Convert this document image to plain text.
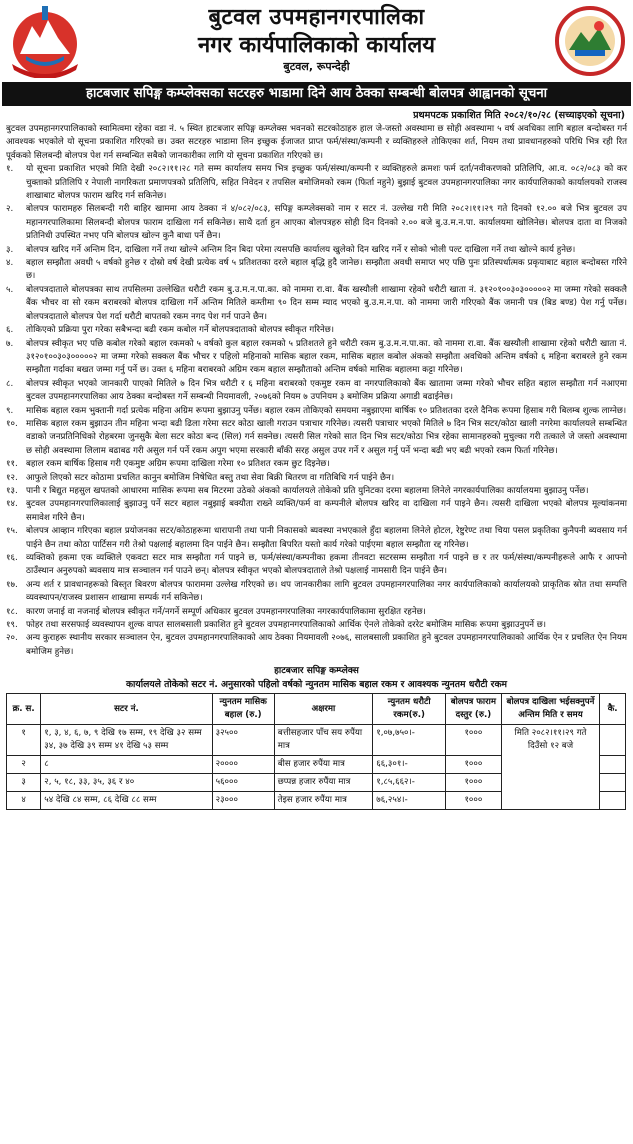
बुटवल उपमहानगरपालिका
नगर कार्यपालिकाको कार्यालय
बुटवल, रूपन्देही
हाटबजार सपिङ्ग कम्प्लेक्सका सटरहरु भाडामा दिने आय ठेक्का सम्बन्धी बोलपत्र आह्वानको सूचना
प्रथमपटक प्रकाशित मिति २०८२/१०/२८ (सच्याइएको सूचना)

बुटवल उपमहानगरपालिकाको स्वामित्वमा रहेका वडा नं. ५ स्थित हाटबजार सपिङ्ग कम्प्लेक्स भवनको सटरकोठाहरु हाल जे-जस्तो अवस्थामा छ सोही अवस्थामा ५ वर्ष अवधिका लागि बहाल बन्दोबस्त गर्न आवश्यक भएकोले यो सूचना प्रकाशित गरिएको छ। उक्त सटरहरु भाडामा लिन इच्छुक ईजाजत प्राप्त फर्म/संस्था/कम्पनी र व्यक्तिहरुले तोकिएका शर्त, नियम तथा प्रावधानहरुको परिधि भित्र रही रित पूर्वकको सिलबन्दी बोलपत्र पेश गर्न सम्बन्धित सबैको जानकारीका लागि यो सूचना प्रकाशित गरिएको छ।

१.	यो सूचना प्रकाशित भएको मिति देखी २०८२।११।२८ गते सम्म कार्यालय समय भित्र इच्छुक फर्म/संस्था/कम्पनी र व्यक्तिहरुले क्रमशः फर्म दर्ता/नवीकरणको प्रतिलिपि, आ.व. ०८२/०८३ को कर चुक्ताको प्रतिलिपि र नेपाली नागरिकता प्रमाणपत्रको प्रतिलिपि, सहित निवेदन र तपसिल बमोजिमको रकम (फिर्ता नहुने) बुझाई बुटवल उपमहानगरपालिका नगर कार्यपालिकाको कार्यालयको राजस्व शाखाबाट बोलपत्र फाराम खरिद गर्न सकिनेछ।
२.	बोलपत्र फारामहरु सिलबन्दी गरी बाहिर खाममा आय ठेक्का नं ४/०८२/०८३, सपिङ्ग कम्प्लेक्सको नाम र सटर नं. उल्लेख गरी मिति २०८२।११।२९ गते दिनको १२.०० बजे भित्र बुटवल उप महानगरपालिकामा सिलबन्दी बोलपत्र फाराम दाखिला गर्न सकिनेछ। साथै दर्ता हुन आएका बोलपत्रहरु सोही दिन दिनको २.०० बजे बु.उ.म.न.पा. कार्यालयमा खोलिनेछ। बोलपत्र दाता वा निजको प्रतिनिधी उपस्थित नभए पनि बोलपत्र खोल्न कुनै बाधा पर्ने छैन।
३.	बोलपत्र खरिद गर्ने अन्तिम दिन, दाखिला गर्ने तथा खोल्ने अन्तिम दिन बिदा परेमा त्यसपछि कार्यालय खुलेको दिन खरिद गर्ने र सोको भोली पल्ट दाखिला गर्ने तथा खोल्ने कार्य हुनेछ।
४.	बहाल सम्झौता अवधी ५ वर्षको हुनेछ र दोस्रो वर्ष देखी प्रत्येक वर्ष ५ प्रतिशतका दरले बहाल बृद्धि हुदै जानेछ। सम्झौता अवधी समाप्त भए पछि पुनः प्रतिस्पर्धात्मक प्रकृयाबाट बहाल बन्दोबस्त गरिने छ।
५.	बोलपत्रदाताले बोलपत्रका साथ तपसिलमा उल्लेखित धरौटी रकम बु.उ.म.न.पा.का. को नाममा रा.वा. बैंक खस्यौली शाखामा रहेको धरौटी खाता नं. ३१२०१००३०३०००००२ मा जम्मा गरेको सक्कलै बैंक भौचर वा सो रकम बराबरको बोलपत्र दाखिला गर्ने अन्तिम मितिले कम्तीमा ९० दिन सम्म म्याद भएको बु.उ.म.न.पा. को नाममा जारी गरिएको बैंक जमानी पत्र (बिड बण्ड) पेश गर्नु पर्नेछ। बोलपत्रदाताले बोलपत्र पेश गर्दा धरौटी बापतको रकम नगद पेश गर्न पाउने छैन।
६.	तोकिएको प्रक्रिया पुरा गरेका सबैभन्दा बढी रकम कबोल गर्ने बोलपत्रदाताको बोलपत्र स्वीकृत गरिनेछ।
७.	बोलपत्र स्वीकृत भए पछि कबोल गरेको बहाल रकमको ५ वर्षको कुल बहाल रकमको ५ प्रतिशतले हुने धरौटी रकम बु.उ.म.न.पा.का. को नाममा रा.वा. बैंक खस्यौली शाखामा रहेको धरौटी खाता नं. ३१२०१००३०३०००००२ मा जम्मा गरेको सक्कल बैंक भौचर र पहिलो महिनाको मासिक बहाल रकम, मासिक बहाल कबोल अंकको सम्झौता अवधिको अन्तिम वर्षको ६ महिना बराबरले हुने रकम सम्झौता गर्दाका बखत जम्मा गर्नु पर्ने छ। उक्त ६ महिना बराबरको अग्रिम रकम बहाल सम्झौताको अन्तिम वर्षको मासिक बहालमा कट्टा गरिनेछ।
८.	बोलपत्र स्वीकृत भएको जानकारी पाएको मितिले ७ दिन भित्र धरौटी र ६ महिना बराबरको एकमुष्ट रकम वा नगरपालिकाको बैंक खातामा जम्मा गरेको भौचर सहित बहाल सम्झौता गर्न नआएमा बुटवल उपमहानगरपालिका आय ठेक्का बन्दोबस्त गर्ने सम्बन्धी नियमावली, २०७६को नियम ७ उपनियम ३ बमोजिम प्रक्रिया अगाडी बढाईनेछ।
९.	मासिक बहाल रकम भुक्तानी गर्दा प्रत्येक महिना अग्रिम रूपमा बुझाउनु पर्नेछ। बहाल रकम तोकिएको समयमा नबुझाएमा बार्षिक १० प्रतिशतका दरले दैनिक रूपमा हिसाब गरी बिलम्ब शुल्क लाग्नेछ।
१०. मासिक बहाल रकम बुझाउन तीन महिना भन्दा बढी ढिला गरेमा सटर कोठा खाली गराउन पत्राचार गरिनेछ। त्यसरी पत्राचार भएको मितिले ७ दिन भित्र सटर/कोठा खाली नगरेमा कार्यालयले सम्बन्धित वडाको जनप्रतिनिधिको रोहबरमा जुनसुकै बेला सटर कोठा बन्द (सिल) गर्न सक्नेछ। त्यसरी सिल गरेको सात दिन भित्र सटर/कोठा भित्र रहेका सामानहरुको मुचुल्का गरी तत्काले जे जस्तो अवस्थामा छ सोही अवस्थामा लिलाम बढाबढ गरी असुल गर्न पर्ने रकम अपुग भएमा सरकारी बाँकी सरह असुल उपर गर्ने र असुल गर्नु पर्ने भन्दा बढी भए बढी भएको रकम फिर्ता गरिनेछ।
११. बहाल रकम बार्षिक हिसाब गरी एकमुष्ट अग्रिम रूपमा दाखिला गरेमा १० प्रतिशत रकम छुट दिइनेछ।
१२. आफुले लिएको सटर कोठामा प्रचलित कानुन बमोजिम निषेधित बस्तु तथा सेवा बिक्री बितरण वा गतिबिधि गर्न पाईने छैन।
१३. पानी र बिद्युत महसुल खपतको आधारमा मासिक रूपमा सब मिटरमा उठेको अंकको कार्यालयले तोकेको प्रति युनिटका दरमा बहालमा लिनेले नगरकार्यपालिका कार्यालयमा बुझाउनु पर्नेछ।
१४. बुटवल उपमहानगरपालिकालाई बुझाउनु पर्ने सटर बहाल नबुझाई बक्यौता राख्ने व्यक्ति/फर्म वा कम्पनीले बोलपत्र खरिद वा दाखिला गर्न पाइने छैन। त्यसरी दाखिला भएको बोलपत्र मूल्यांकनमा समावेश गरिने छैन।
१५. बोलपत्र आव्हान गरिएका बहाल प्रयोजनका सटर/कोठाहरूमा धारापानी तथा पानी निकासको ब्यवस्था नभएकाले हुँदा बहालमा लिनेले होटल, रेष्टुरेण्ट तथा चिया पसल प्रकृतिका कुनैपनी ब्यवसाय गर्न पाईने छैन तथा कोठा पार्टिसन गरी तेश्रो पक्षलाई बहालमा दिन पाईने छैन। सम्झौता बिपरित यस्तो कार्य गरेको पाईएमा बहाल सम्झौता रद्द गरिनेछ।
१६. व्यक्तिको हकमा एक व्यक्तिले एकवटा सटर मात्र सम्झौता गर्न पाइने छ, फर्म/संस्था/कम्पनीका हकमा तीनवटा सटरसम्म सम्झौता गर्न पाइने छ र तर फर्म/संस्था/कम्पनीहरूले आफै र आफ्नो ठाउँस्थान अनुरुपको ब्यवसाय मात्र सञ्चालन गर्न पाउने छन्। बोलपत्र स्वीकृत भएको बोलपत्रदाताले तेश्रो पक्षलाई नामसारी दिन पाईने छैन।
१७. अन्य शर्त र प्रावधानहरूको बिस्तृत बिवरण बोलपत्र फाराममा उल्लेख गरिएको छ। थप जानकारीका लागि बुटवल उपमहानगरपालिका नगर कार्यपालिकाको कार्यालयको प्राकृतिक स्रोत तथा सम्पत्ति व्यवस्थापन/राजस्व प्रशासन शाखामा सम्पर्क गर्न सकिनेछ।
१८. कारण जनाई वा नजनाई बोलपत्र स्वीकृत गर्ने/नगर्ने सम्पूर्ण अधिकार बुटवल उपमहानगरपालिका नगरकार्यपालिकामा सुरक्षित रहनेछ।
१९. फोहर तथा सरसफाई व्यवस्थापन शुल्क वापत सालबसाली प्रकाशित हुने बुटवल उपमहानगरपालिकाको आर्थिक ऐनले तोकेको दररेट बमोजिम मासिक रूपमा बुझाउनुपर्ने छ।
२०. अन्य कुराहरू स्थानीय सरकार सञ्चालन ऐन, बुटवल उपमहानगरपालिकाको आय ठेक्का नियमावली २०७६, सालबसाली प्रकाशित हुने बुटवल उपमहानगरपालिकाको आर्थिक ऐन र प्रचलित ऐन नियम बमोजिम हुनेछ।
हाटबजार सपिङ्ग कम्प्लेक्स
कार्यालयले तोकेको सटर नं. अनुसारको पहिलो वर्षको न्युनतम मासिक बहाल रकम र आवश्यक न्युनतम धरौटी रकम
क्र. स.	सटर नं.	न्युनतम मासिक बहाल (रु.)	अक्षरमा	न्युनतम धरौटी रकम(रु.)	बोलपत्र फाराम दस्तुर (रु.)	बोलपत्र दाखिला भईसक्नुपर्ने अन्तिम मिति र समय	कै.
१	१, ३, ४, ६, ७, ९ देखि १७ सम्म, १९ देखि ३२ सम्म ३४, ३७ देखि ३९ सम्म ४१ देखि ५३ सम्म	३२५००	बत्तीसहजार पाँच सय रुपैंया मात्र	१,०७,७५०।-	१०००	मिति २०८२।११।२९ गते दिउँसो १२ बजे	
२	८	२००००	बीस हजार रुपैंया मात्र	६६,३०१।-	१०००		
३	२, ५, १८, ३३, ३५, ३६ र ४०	५६०००	छप्पन्न हजार रुपैंया मात्र	१,८५,६६२।-	१०००		
४	५४ देखि ८४ सम्म, ८६ देखि ८८ सम्म	२३०००	तेइस हजार रुपैंया मात्र	७६,२५४।-	१०००		
